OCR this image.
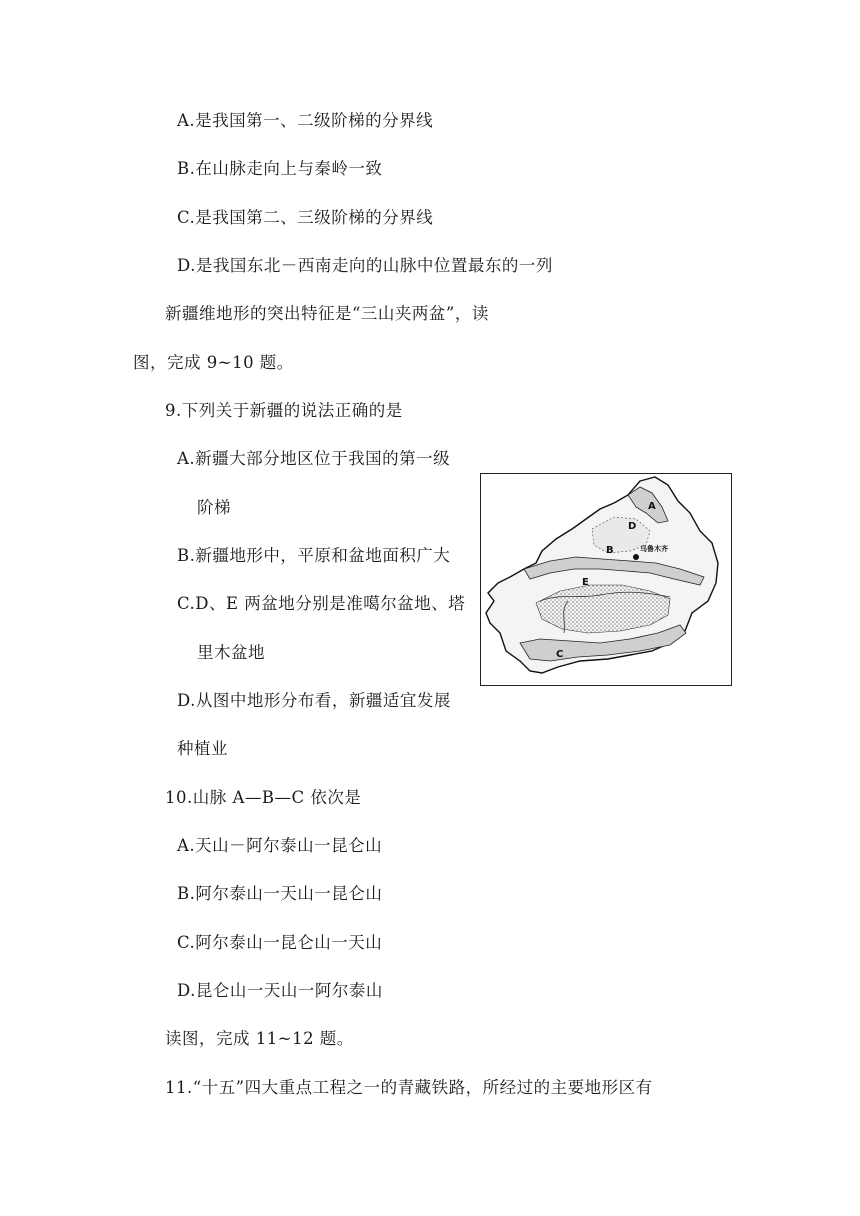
A.是我国第一、二级阶梯的分界线
B.在山脉走向上与秦岭一致
C.是我国第二、三级阶梯的分界线
D.是我国东北－西南走向的山脉中位置最东的一列
新疆维地形的突出特征是“三山夹两盆”，读
图，完成 9~10 题。
9.下列关于新疆的说法正确的是
A.新疆大部分地区位于我国的第一级
阶梯
B.新疆地形中，平原和盆地面积广大
C.D、E 两盆地分别是准噶尔盆地、塔
里木盆地
D.从图中地形分布看，新疆适宜发展
种植业
A
D
B	乌鲁木齐
E
C
10.山脉 A—B—C 依次是
A.天山－阿尔泰山一昆仑山
B.阿尔泰山一天山一昆仑山
C.阿尔泰山一昆仑山一天山
D.昆仑山一天山一阿尔泰山
读图，完成 11~12 题。
11.“十五”四大重点工程之一的青藏铁路，所经过的主要地形区有
